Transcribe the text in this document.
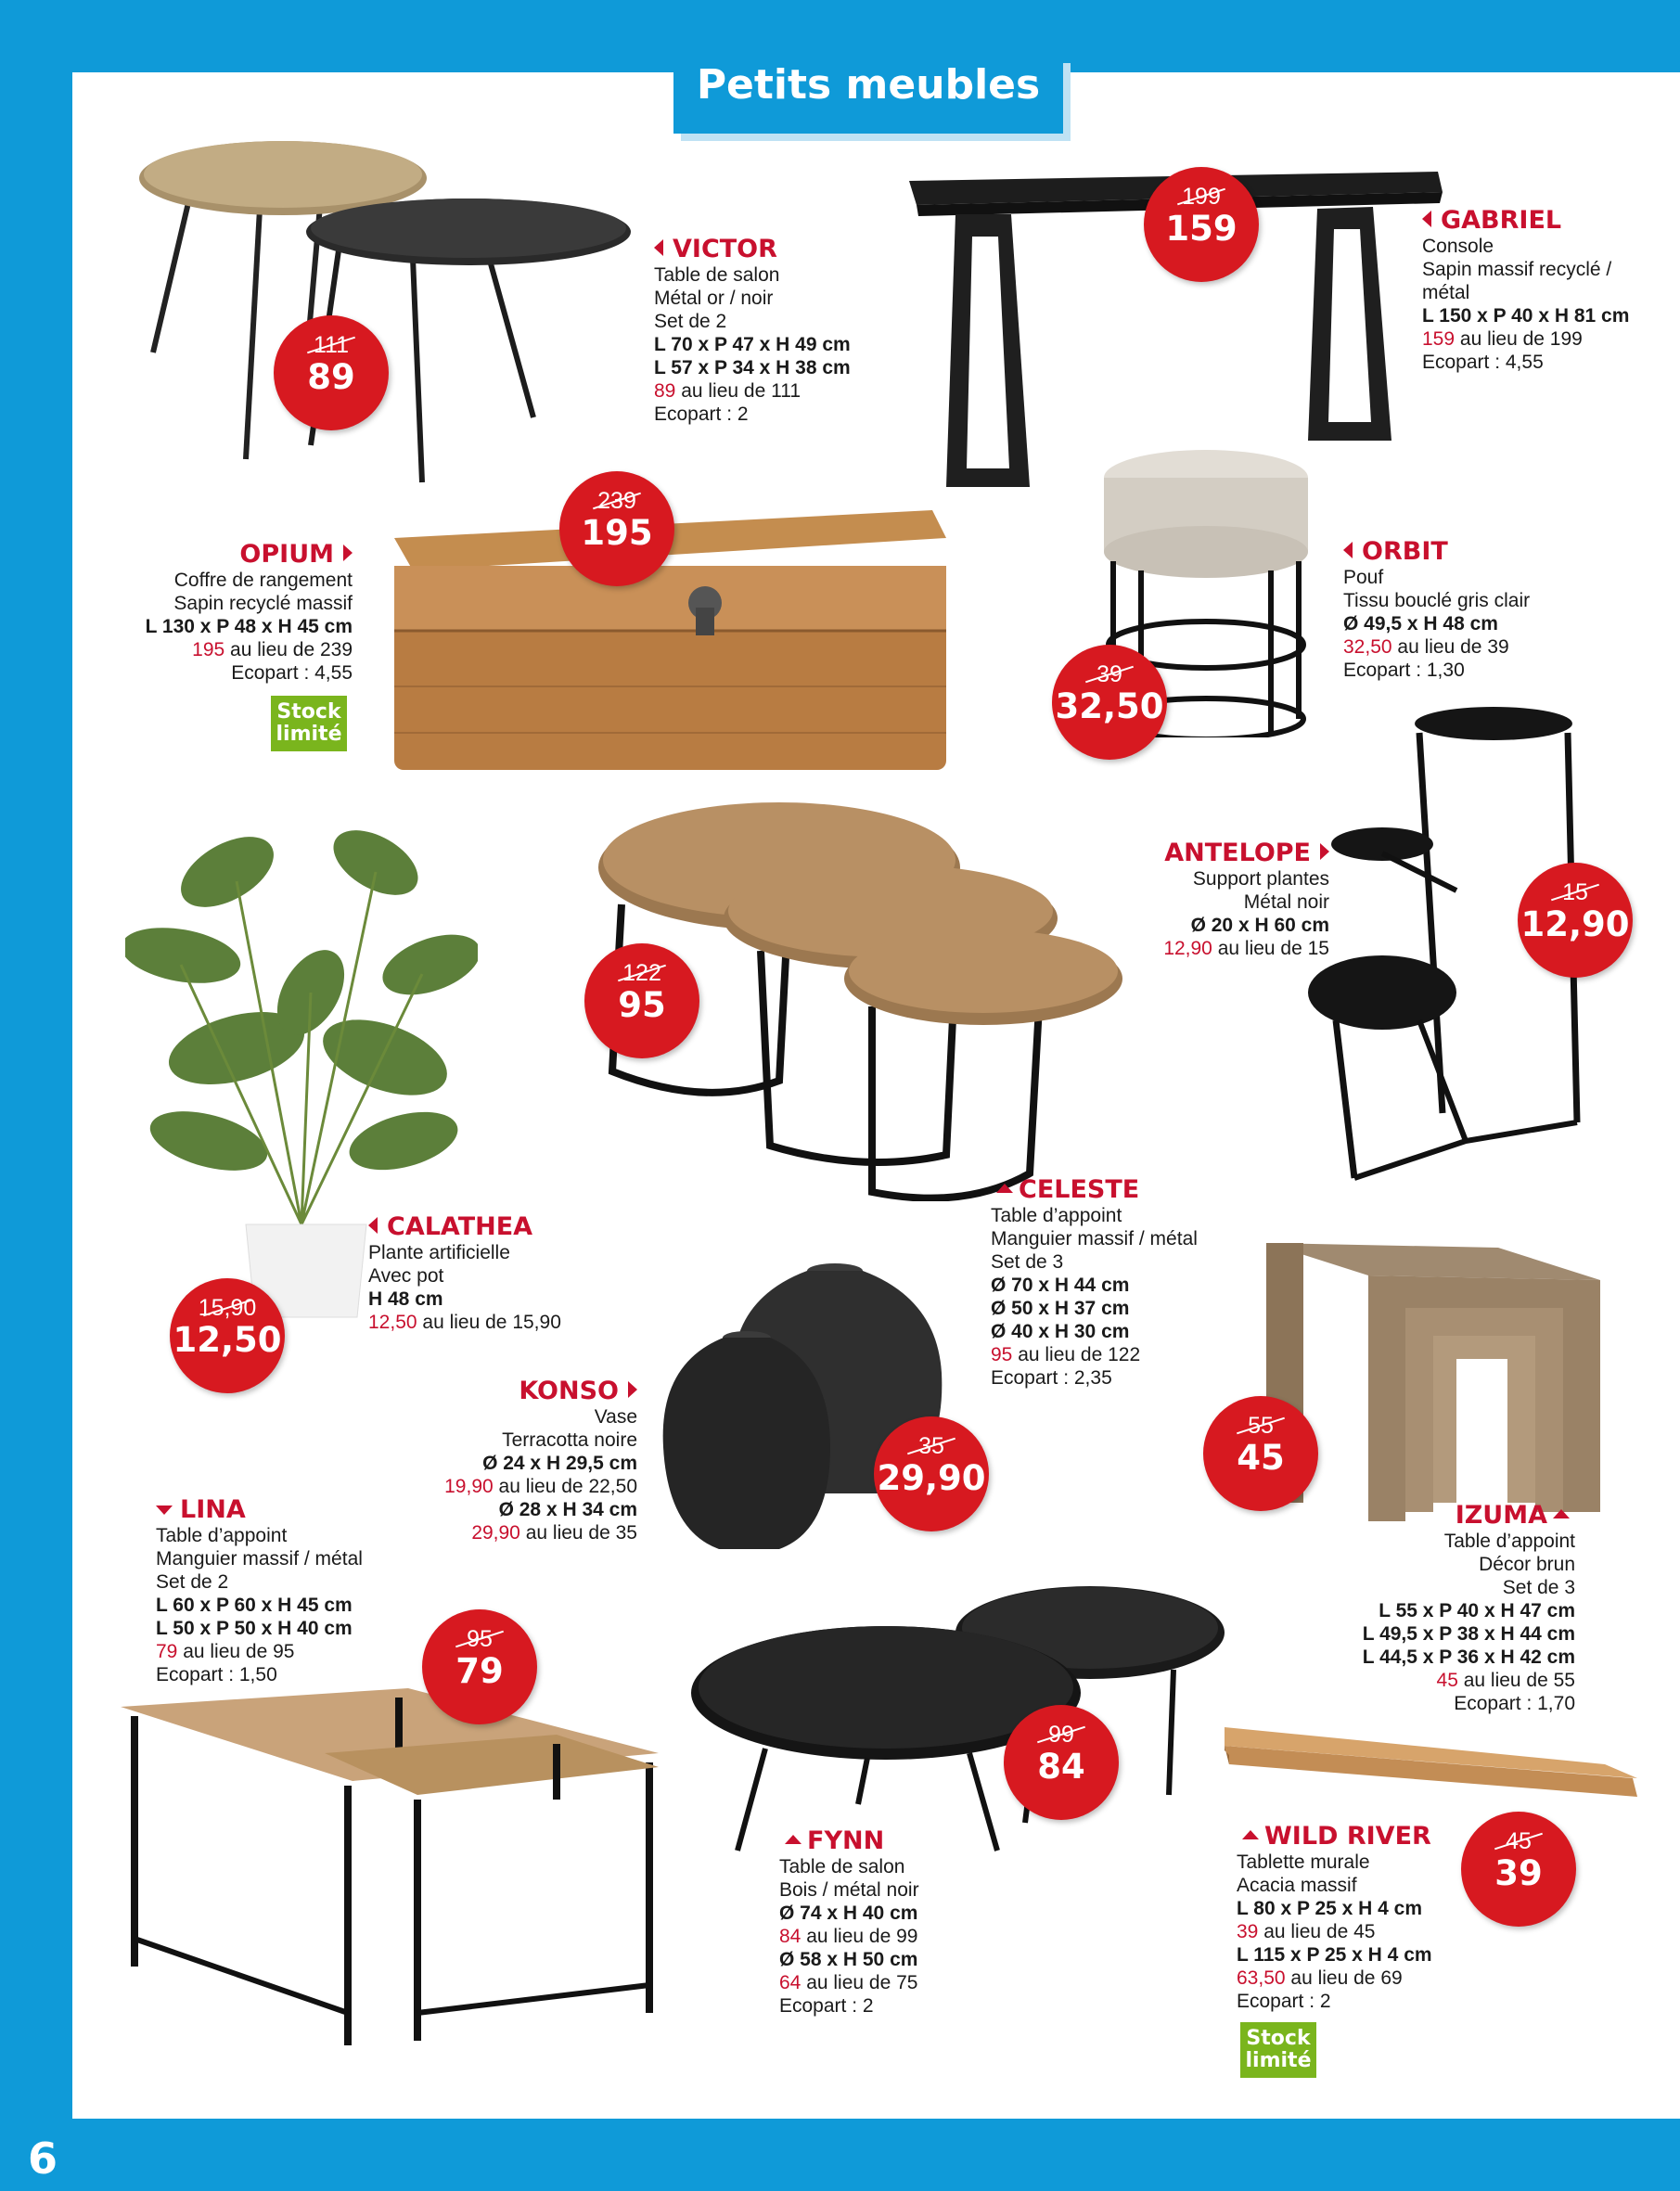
6
Petits meubles
VICTOR
Table de salon
Métal or / noir
Set de 2
L 70 x P 47 x H 49 cm
L 57 x P 34 x H 38 cm
89 au lieu de 111
Ecopart : 2
GABRIEL
Console
Sapin massif recyclé /
métal
L 150 x P 40 x H 81 cm
159 au lieu de 199
Ecopart : 4,55
OPIUM
Coffre de rangement
Sapin recyclé massif
L 130 x P 48 x H 45 cm
195 au lieu de 239
Ecopart : 4,55
Stock
limité
ORBIT
Pouf
Tissu bouclé gris clair
Ø 49,5 x H 48 cm
32,50 au lieu de 39
Ecopart : 1,30
ANTELOPE
Support plantes
Métal noir
Ø 20 x H 60 cm
12,90 au lieu de 15
CELESTE
Table d’appoint
Manguier massif / métal
Set de 3
Ø 70 x H 44 cm
Ø 50 x H 37 cm
Ø 40 x H 30 cm
95 au lieu de 122
Ecopart : 2,35
CALATHEA
Plante artificielle
Avec pot
H 48 cm
12,50 au lieu de 15,90
KONSO
Vase
Terracotta noire
Ø 24 x H 29,5 cm
19,90 au lieu de 22,50
Ø 28 x H 34 cm
29,90 au lieu de 35
LINA
Table d’appoint
Manguier massif / métal
Set de 2
L 60 x P 60 x H 45 cm
L 50 x P 50 x H 40 cm
79 au lieu de 95
Ecopart : 1,50
IZUMA
Table d’appoint
Décor brun
Set de 3
L 55 x P 40 x H 47 cm
L 49,5 x P 38 x H 44 cm
L 44,5 x P 36 x H 42 cm
45 au lieu de 55
Ecopart : 1,70
FYNN
Table de salon
Bois / métal noir
Ø 74 x H 40 cm
84 au lieu de 99
Ø 58 x H 50 cm
64 au lieu de 75
Ecopart : 2
WILD RIVER
Tablette murale
Acacia massif
L 80 x P 25 x H 4 cm
39 au lieu de 45
L 115 x P 25 x H 4 cm
63,50 au lieu de 69
Ecopart : 2
Stock
limité
111
89
199
159
239
195
39
32,50
15
12,90
122
95
15,90
12,50
35
29,90
55
45
95
79
99
84
45
39
